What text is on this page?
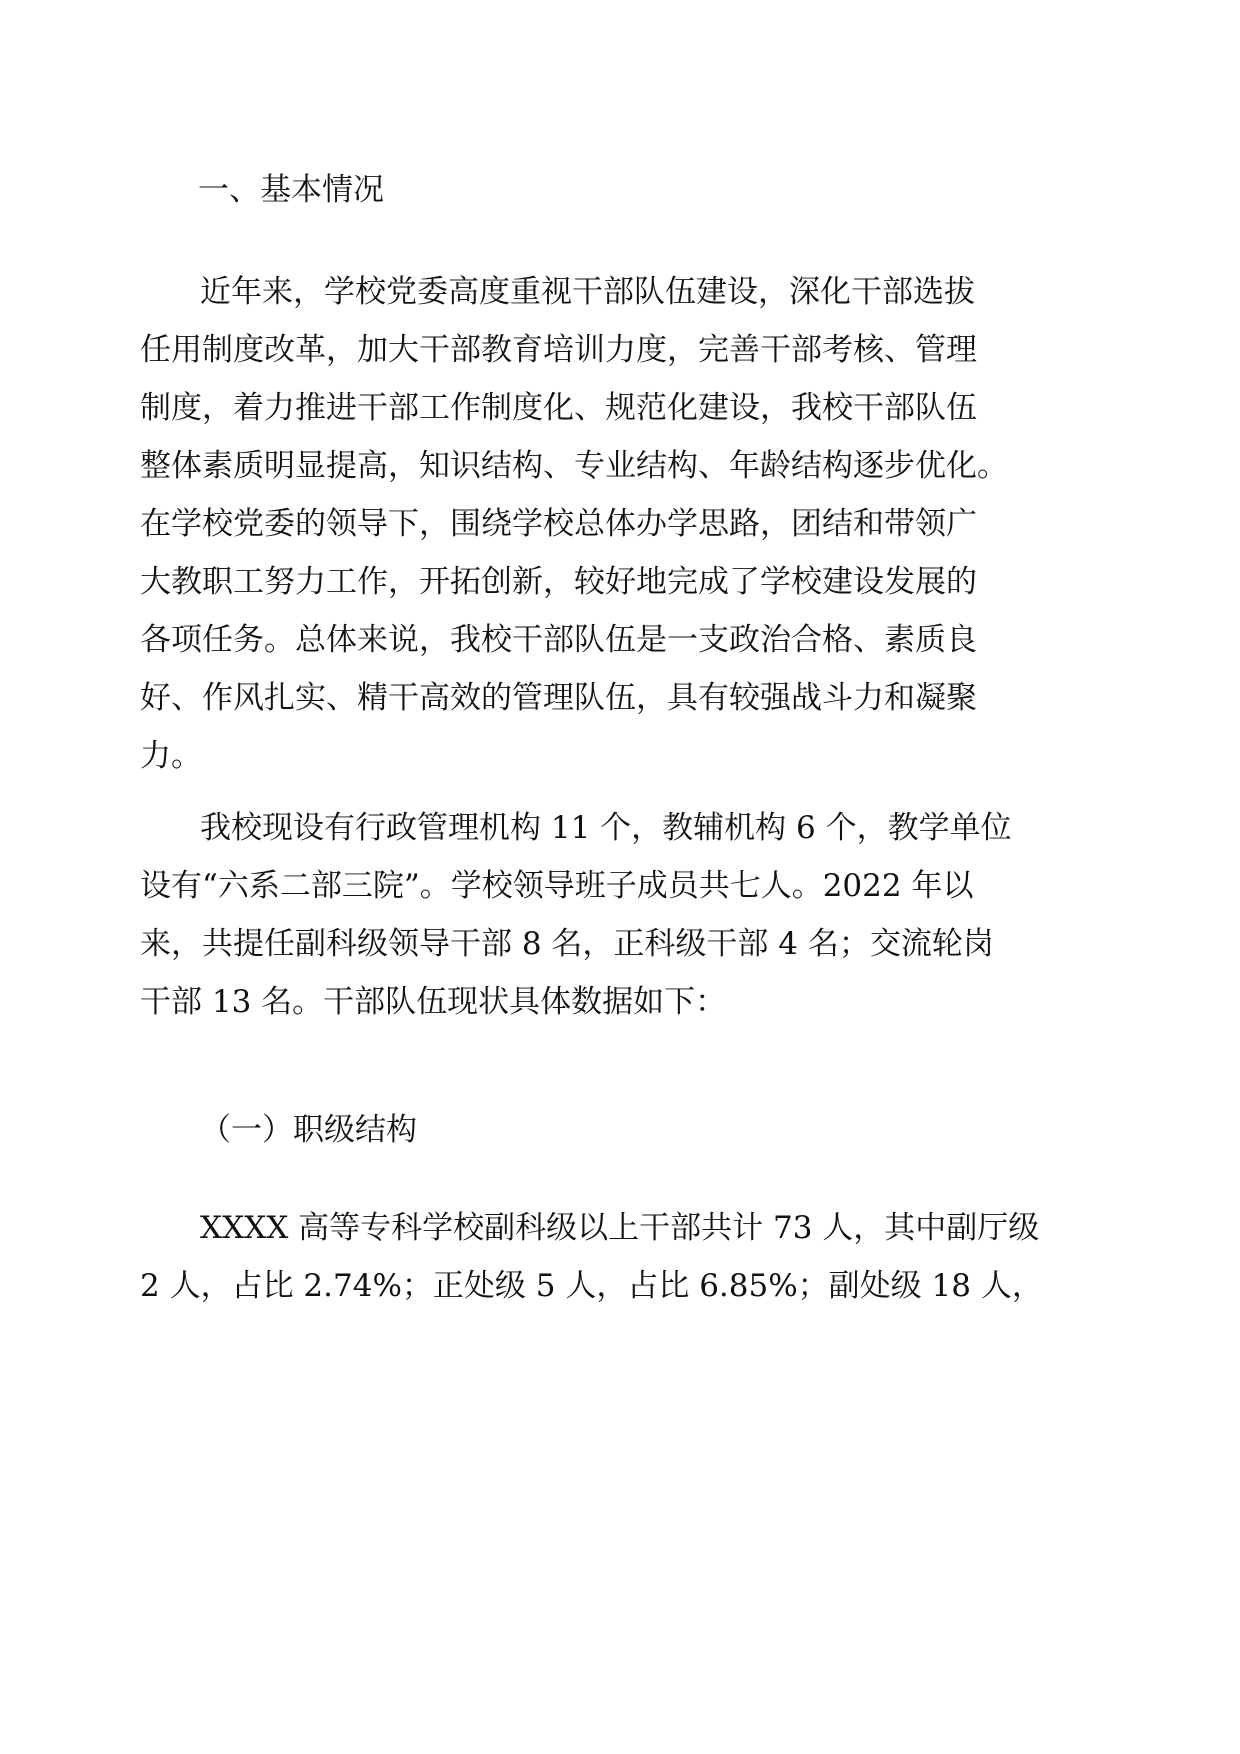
一、基本情况
近年来，学校党委高度重视干部队伍建设，深化干部选拔
任用制度改革，加大干部教育培训力度，完善干部考核、管理
制度，着力推进干部工作制度化、规范化建设，我校干部队伍
整体素质明显提高，知识结构、专业结构、年龄结构逐步优化。
在学校党委的领导下，围绕学校总体办学思路，团结和带领广
大教职工努力工作，开拓创新，较好地完成了学校建设发展的
各项任务。总体来说，我校干部队伍是一支政治合格、素质良
好、作风扎实、精干高效的管理队伍，具有较强战斗力和凝聚
力。
我校现设有行政管理机构 11 个，教辅机构 6 个，教学单位
设有“六系二部三院”。学校领导班子成员共七人。2022 年以
来，共提任副科级领导干部 8 名，正科级干部 4 名；交流轮岗
干部 13 名。干部队伍现状具体数据如下：
（一）职级结构
XXXX 高等专科学校副科级以上干部共计 73 人，其中副厅级
2 人，占比 2.74%；正处级 5 人，占比 6.85%；副处级 18 人，
